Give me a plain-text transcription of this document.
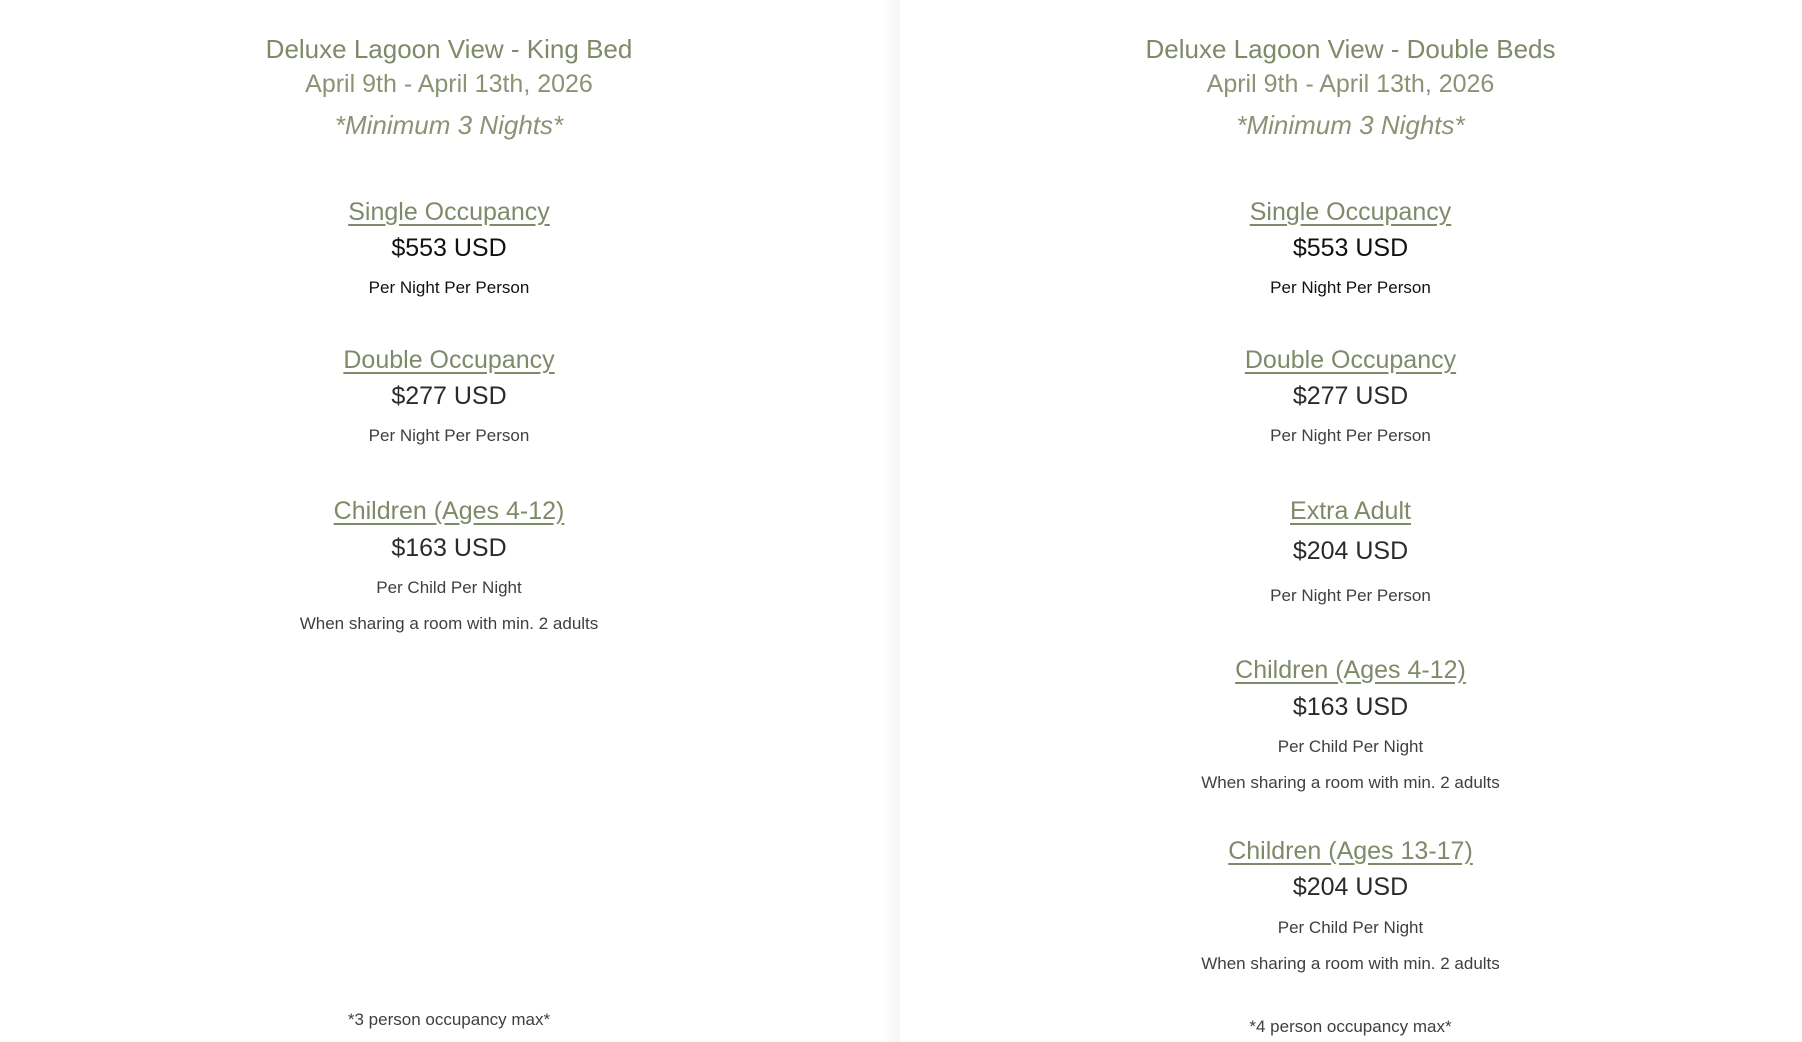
Deluxe Lagoon View - King Bed
April 9th - April 13th, 2026
*Minimum 3 Nights*
Single Occupancy
$553 USD
Per Night Per Person
Double Occupancy
$277 USD
Per Night Per Person
Children (Ages 4-12)
$163 USD
Per Child Per Night
When sharing a room with min. 2 adults
*3 person occupancy max*
Deluxe Lagoon View - Double Beds
April 9th - April 13th, 2026
*Minimum 3 Nights*
Single Occupancy
$553 USD
Per Night Per Person
Double Occupancy
$277 USD
Per Night Per Person
Extra Adult
$204 USD
Per Night Per Person
Children (Ages 4-12)
$163 USD
Per Child Per Night
When sharing a room with min. 2 adults
Children (Ages 13-17)
$204 USD
Per Child Per Night
When sharing a room with min. 2 adults
*4 person occupancy max*
